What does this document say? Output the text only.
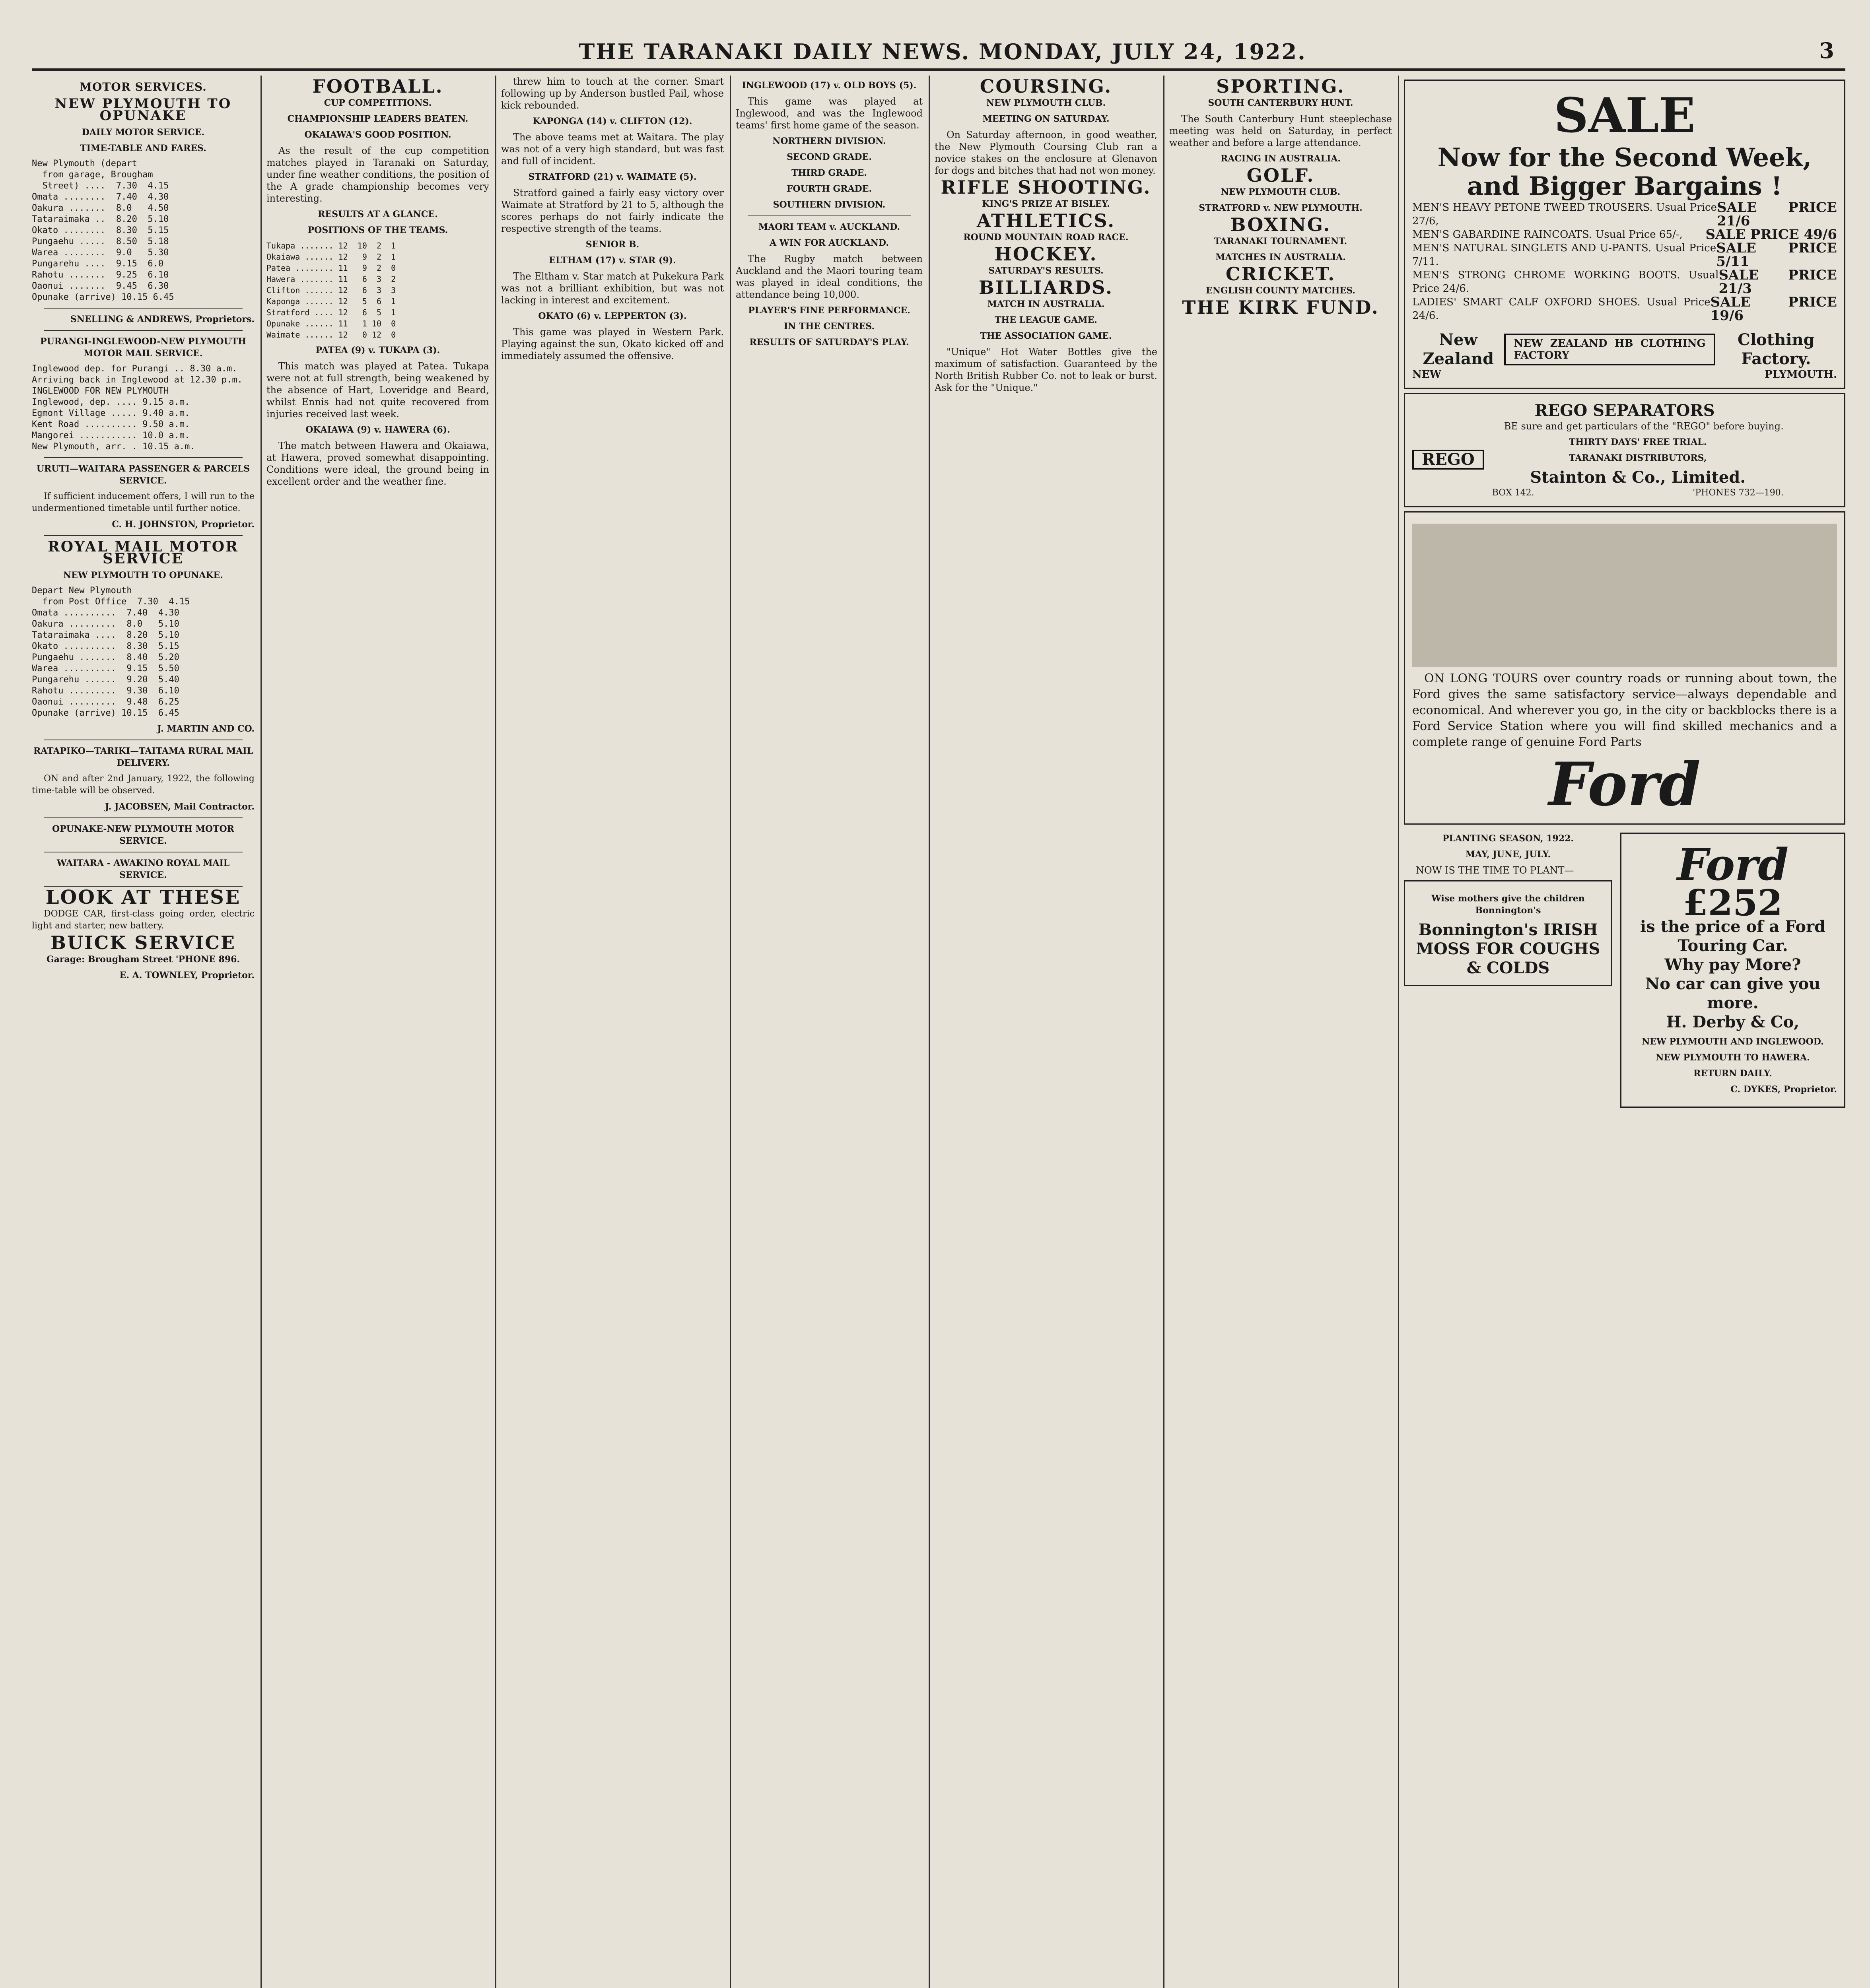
THE TARANAKI DAILY NEWS. MONDAY, JULY 24, 1922.	3
MOTOR SERVICES.
NEW PLYMOUTH TO OPUNAKE
DAILY MOTOR SERVICE.
TIME-TABLE AND FARES.
New Plymouth (depart
from garage, Brougham
Street) ....  7.30  4.15
Omata ........  7.40  4.30
Oakura .......  8.0   4.50
Tataraimaka ..  8.20  5.10
Okato ........  8.30  5.15
Pungaehu .....  8.50  5.18
Warea ........  9.0   5.30
Pungarehu ....  9.15  6.0
Rahotu .......  9.25  6.10
Oaonui .......  9.45  6.30
Opunake (arrive) 10.15 6.45
SNELLING & ANDREWS, Proprietors.
PURANGI-INGLEWOOD-NEW PLYMOUTH MOTOR MAIL SERVICE.
Inglewood dep. for Purangi .. 8.30 a.m.
Arriving back in Inglewood at 12.30 p.m.
INGLEWOOD FOR NEW PLYMOUTH
Inglewood, dep. .... 9.15 a.m.
Egmont Village ..... 9.40 a.m.
Kent Road .......... 9.50 a.m.
Mangorei ........... 10.0 a.m.
New Plymouth, arr. . 10.15 a.m.
URUTI—WAITARA PASSENGER & PARCELS SERVICE.

If sufficient inducement offers, I will run to the undermentioned timetable until further notice.

C. H. JOHNSTON, Proprietor.
ROYAL MAIL MOTOR SERVICE
NEW PLYMOUTH TO OPUNAKE.
Depart New Plymouth
from Post Office  7.30  4.15
Omata ..........  7.40  4.30
Oakura .........  8.0   5.10
Tataraimaka ....  8.20  5.10
Okato ..........  8.30  5.15
Pungaehu .......  8.40  5.20
Warea ..........  9.15  5.50
Pungarehu ......  9.20  5.40
Rahotu .........  9.30  6.10
Oaonui .........  9.48  6.25
Opunake (arrive) 10.15  6.45
J. MARTIN AND CO.
RATAPIKO—TARIKI—TAITAMA RURAL MAIL DELIVERY.

ON and after 2nd January, 1922, the following time-table will be observed.

J. JACOBSEN, Mail Contractor.
OPUNAKE-NEW PLYMOUTH MOTOR SERVICE.
WAITARA - AWAKINO ROYAL MAIL SERVICE.
LOOK AT THESE

DODGE CAR, first-class going order, electric light and starter, new battery.

BUICK SERVICE
Garage: Brougham Street 'PHONE 896.
E. A. TOWNLEY, Proprietor.
FOOTBALL.
CUP COMPETITIONS.
CHAMPIONSHIP LEADERS BEATEN.
OKAIAWA'S GOOD POSITION.

As the result of the cup competition matches played in Taranaki on Saturday, under fine weather conditions, the position of the A grade championship becomes very interesting.

RESULTS AT A GLANCE.
POSITIONS OF THE TEAMS.
Tukapa ....... 12  10  2  1
Okaiawa ...... 12   9  2  1
Patea ........ 11   9  2  0
Hawera ....... 11   6  3  2
Clifton ...... 12   6  3  3
Kaponga ...... 12   5  6  1
Stratford .... 12   6  5  1
Opunake ...... 11   1 10  0
Waimate ...... 12   0 12  0
PATEA (9) v. TUKAPA (3).

This match was played at Patea. Tukapa were not at full strength, being weakened by the absence of Hart, Loveridge and Beard, whilst Ennis had not quite recovered from injuries received last week.

OKAIAWA (9) v. HAWERA (6).

The match between Hawera and Okaiawa, at Hawera, proved somewhat disappointing. Conditions were ideal, the ground being in excellent order and the weather fine.

threw him to touch at the corner. Smart following up by Anderson bustled Pail, whose kick rebounded.

KAPONGA (14) v. CLIFTON (12).

The above teams met at Waitara. The play was not of a very high standard, but was fast and full of incident.

STRATFORD (21) v. WAIMATE (5).

Stratford gained a fairly easy victory over Waimate at Stratford by 21 to 5, although the scores perhaps do not fairly indicate the respective strength of the teams.

SENIOR B.
ELTHAM (17) v. STAR (9).

The Eltham v. Star match at Pukekura Park was not a brilliant exhibition, but was not lacking in interest and excitement.

OKATO (6) v. LEPPERTON (3).

This game was played in Western Park. Playing against the sun, Okato kicked off and immediately assumed the offensive.

INGLEWOOD (17) v. OLD BOYS (5).

This game was played at Inglewood, and was the Inglewood teams' first home game of the season.

NORTHERN DIVISION.
SECOND GRADE.
THIRD GRADE.
FOURTH GRADE.
SOUTHERN DIVISION.
MAORI TEAM v. AUCKLAND.
A WIN FOR AUCKLAND.

The Rugby match between Auckland and the Maori touring team was played in ideal conditions, the attendance being 10,000.

PLAYER'S FINE PERFORMANCE.
IN THE CENTRES.
RESULTS OF SATURDAY'S PLAY.
COURSING.
NEW PLYMOUTH CLUB.
MEETING ON SATURDAY.

On Saturday afternoon, in good weather, the New Plymouth Coursing Club ran a novice stakes on the enclosure at Glenavon for dogs and bitches that had not won money.

RIFLE SHOOTING.
KING'S PRIZE AT BISLEY.
ATHLETICS.
ROUND MOUNTAIN ROAD RACE.
HOCKEY.
SATURDAY'S RESULTS.
BILLIARDS.
MATCH IN AUSTRALIA.
THE LEAGUE GAME.
THE ASSOCIATION GAME.

"Unique" Hot Water Bottles give the maximum of satisfaction. Guaranteed by the North British Rubber Co. not to leak or burst. Ask for the "Unique."

SPORTING.
SOUTH CANTERBURY HUNT.

The South Canterbury Hunt steeplechase meeting was held on Saturday, in perfect weather and before a large attendance.

RACING IN AUSTRALIA.
GOLF.
NEW PLYMOUTH CLUB.
STRATFORD v. NEW PLYMOUTH.
BOXING.
TARANAKI TOURNAMENT.
MATCHES IN AUSTRALIA.
CRICKET.
ENGLISH COUNTY MATCHES.
THE KIRK FUND.
SALE
Now for the Second Week, and Bigger Bargains !
MEN'S HEAVY PETONE TWEED TROUSERS. Usual Price 27/6,
SALE PRICE 21/6
MEN'S GABARDINE RAINCOATS. Usual Price 65/-, SALE PRICE 49/6
MEN'S NATURAL SINGLETS AND U-PANTS. Usual Price 7/11.
SALE PRICE 5/11
MEN'S STRONG CHROME WORKING BOOTS. Usual Price 24/6.
SALE PRICE 21/3
LADIES' SMART CALF OXFORD SHOES. Usual Price 24/6.
SALE PRICE 19/6
New Zealand
NEW ZEALAND HB CLOTHING FACTORY
Clothing Factory.
NEW	PLYMOUTH.
REGO SEPARATORS
REGO

BE sure and get particulars of the "REGO" before buying.

THIRTY DAYS' FREE TRIAL.
TARANAKI DISTRIBUTORS,
Stainton & Co., Limited.
BOX 142.	'PHONES 732—190.

ON LONG TOURS over country roads or running about town, the Ford gives the same satisfactory service—always dependable and economical. And wherever you go, in the city or backblocks there is a Ford Service Station where you will find skilled mechanics and a complete range of genuine Ford Parts

Ford
PLANTING SEASON, 1922.
MAY, JUNE, JULY.

NOW IS THE TIME TO PLANT—

Wise mothers give the children Bonnington's
Bonnington's IRISH MOSS FOR COUGHS & COLDS
Ford
£252
is the price of a Ford Touring Car.
Why pay More?
No car can give you more.
H. Derby & Co,
NEW PLYMOUTH AND INGLEWOOD.
NEW PLYMOUTH TO HAWERA.
RETURN DAILY.
C. DYKES, Proprietor.
